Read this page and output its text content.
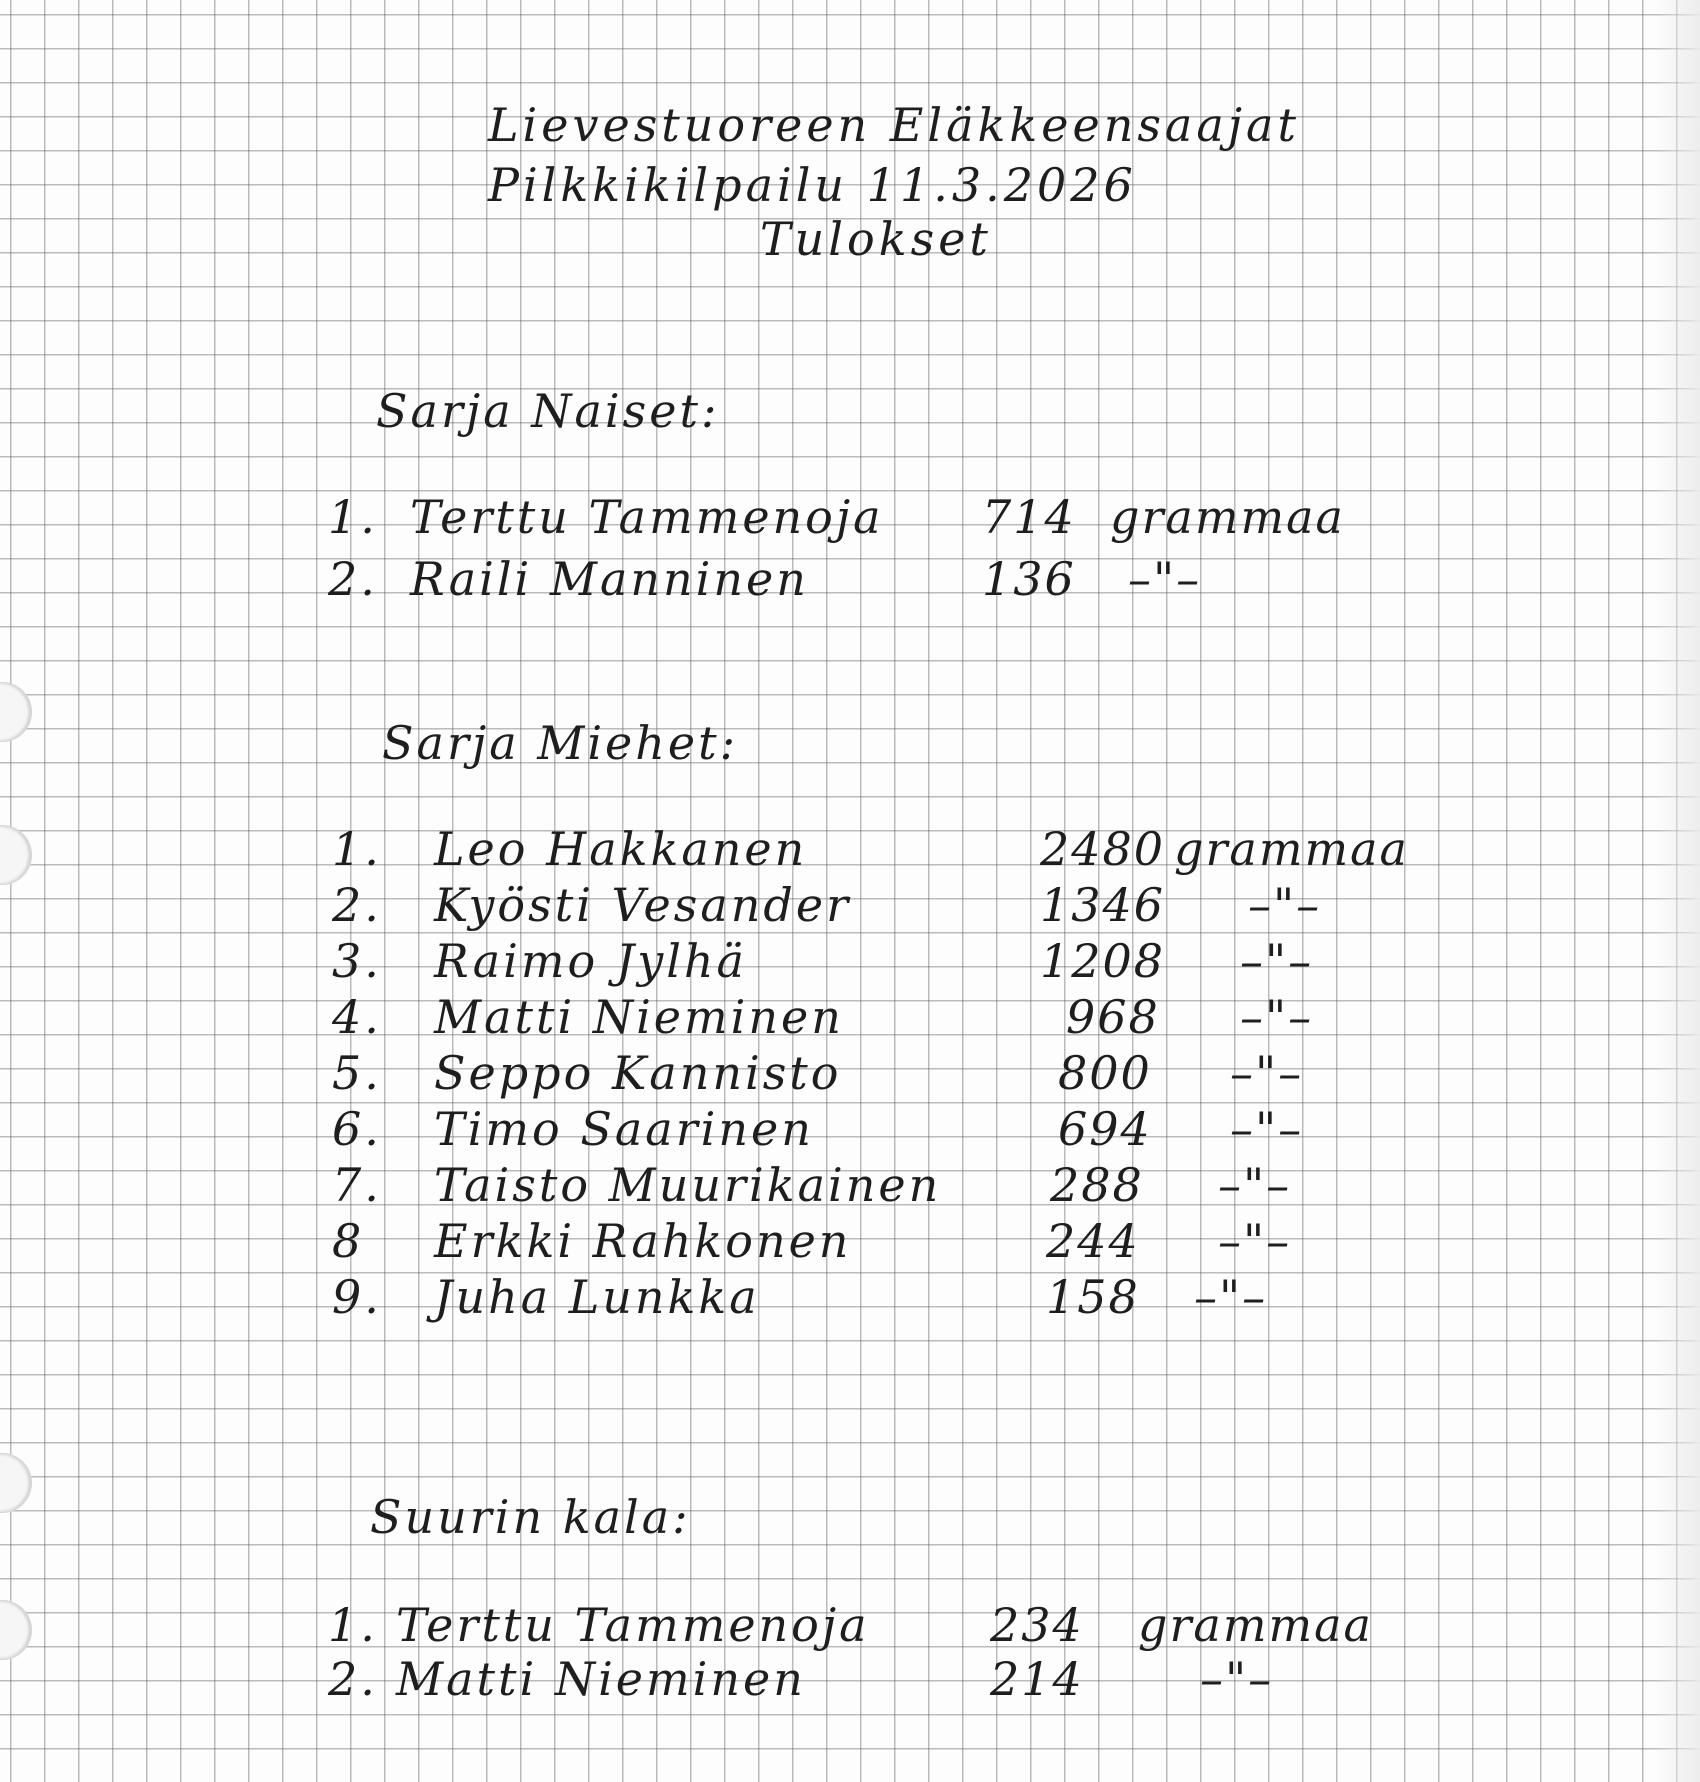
Lievestuoreen Eläkkeensaajat
Pilkkikilpailu 11.3.2026
Tulokset
Sarja Naiset:
1. Terttu Tammenoja 714 grammaa
2. Raili Manninen	136 –"–
Sarja Miehet:
1. Leo Hakkanen	2480 grammaa
2. Kyösti Vesander	1346 –"–
3. Raimo Jylhä	1208 –"–
4. Matti Nieminen	968 –"–
5. Seppo Kannisto	800 –"–
6. Timo Saarinen	694 –"–
7. Taisto Muurikainen 288 –"–
8 Erkki Rahkonen	244 –"–
9. Juha Lunkka	158 –"–
Suurin kala:
1. Terttu Tammenoja	234 grammaa
2. Matti Nieminen	214	–"–
